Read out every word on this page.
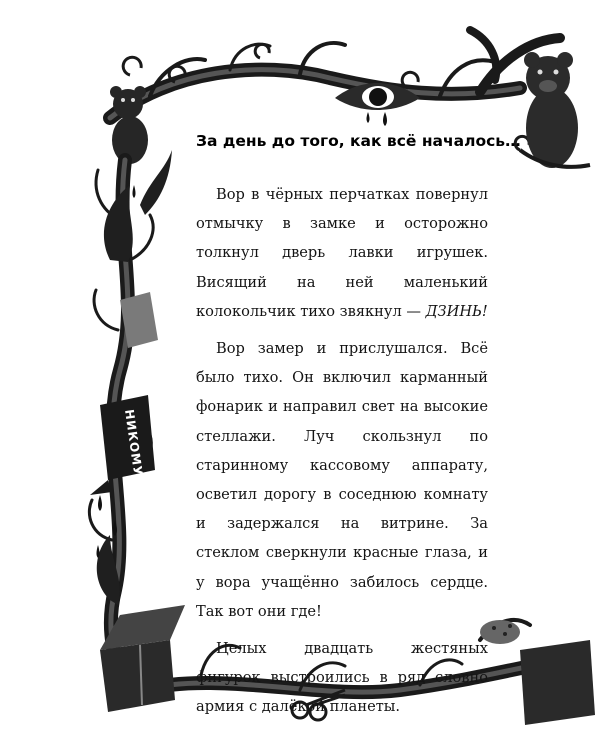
НИКОМУ
За день до того, как всё началось…

Вор в чёрных перчатках повернул отмычку в замке и осторожно толкнул дверь лавки игрушек. Висящий на ней маленький колокольчик тихо звякнул — ДЗИНЬ!

Вор замер и прислушался. Всё было тихо. Он включил карманный фонарик и направил свет на высокие стеллажи. Луч скользнул по старинному кассовому аппарату, осветил дорогу в соседнюю комнату и задержался на витрине. За стеклом сверкнули красные глаза, и у вора учащённо забилось сердце. Так вот они где!

Целых двадцать жестяных фигурок выстроились в ряд словно армия с далёкой планеты.
